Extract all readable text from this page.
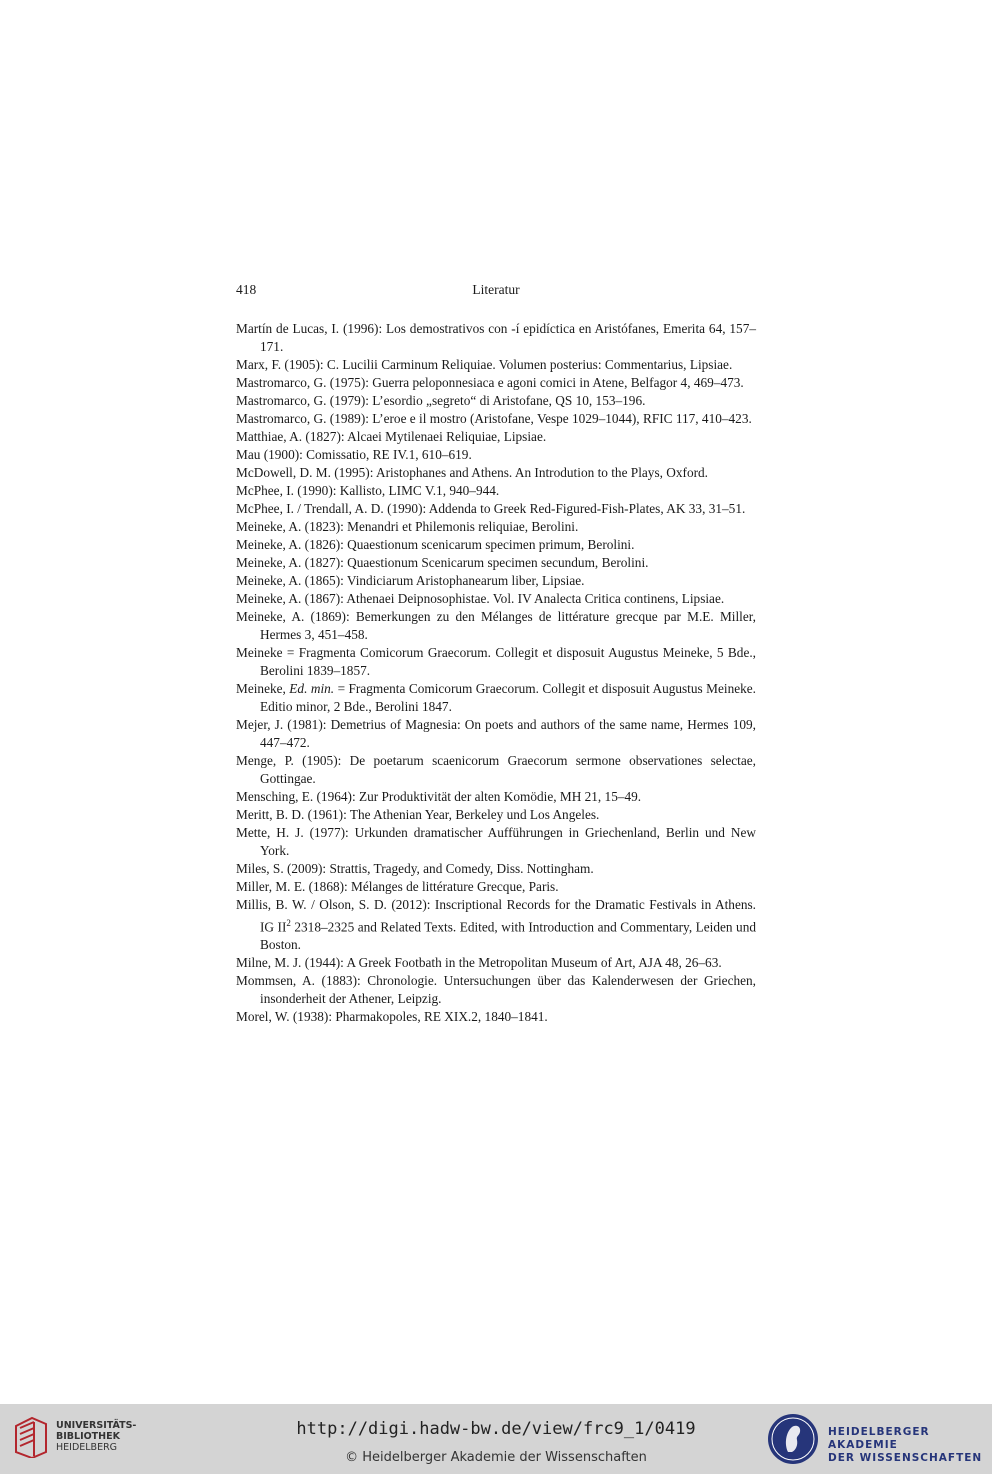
418	Literatur
Martín de Lucas, I. (1996): Los demostrativos con -í epidíctica en Aristófanes, Emerita 64, 157–171.
Marx, F. (1905): C. Lucilii Carminum Reliquiae. Volumen posterius: Commentarius, Lipsiae.
Mastromarco, G. (1975): Guerra peloponnesiaca e agoni comici in Atene, Belfagor 4, 469–473.
Mastromarco, G. (1979): L’esordio „segreto“ di Aristofane, QS 10, 153–196.
Mastromarco, G. (1989): L’eroe e il mostro (Aristofane, Vespe 1029–1044), RFIC 117, 410–423.
Matthiae, A. (1827): Alcaei Mytilenaei Reliquiae, Lipsiae.
Mau (1900): Comissatio, RE IV.1, 610–619.
McDowell, D. M. (1995): Aristophanes and Athens. An Introdution to the Plays, Oxford.
McPhee, I. (1990): Kallisto, LIMC V.1, 940–944.
McPhee, I. / Trendall, A. D. (1990): Addenda to Greek Red-Figured-Fish-Plates, AK 33, 31–51.
Meineke, A. (1823): Menandri et Philemonis reliquiae, Berolini.
Meineke, A. (1826): Quaestionum scenicarum specimen primum, Berolini.
Meineke, A. (1827): Quaestionum Scenicarum specimen secundum, Berolini.
Meineke, A. (1865): Vindiciarum Aristophanearum liber, Lipsiae.
Meineke, A. (1867): Athenaei Deipnosophistae. Vol. IV Analecta Critica continens, Lipsiae.
Meineke, A. (1869): Bemerkungen zu den Mélanges de littérature grecque par M.E. Miller, Hermes 3, 451–458.
Meineke = Fragmenta Comicorum Graecorum. Collegit et disposuit Augustus Meineke, 5 Bde., Berolini 1839–1857.
Meineke, Ed. min. = Fragmenta Comicorum Graecorum. Collegit et disposuit Augustus Meineke. Editio minor, 2 Bde., Berolini 1847.
Mejer, J. (1981): Demetrius of Magnesia: On poets and authors of the same name, Hermes 109, 447–472.
Menge, P. (1905): De poetarum scaenicorum Graecorum sermone observationes selectae, Gottingae.
Mensching, E. (1964): Zur Produktivität der alten Komödie, MH 21, 15–49.
Meritt, B. D. (1961): The Athenian Year, Berkeley und Los Angeles.
Mette, H. J. (1977): Urkunden dramatischer Aufführungen in Griechenland, Berlin und New York.
Miles, S. (2009): Strattis, Tragedy, and Comedy, Diss. Nottingham.
Miller, M. E. (1868): Mélanges de littérature Grecque, Paris.
Millis, B. W. / Olson, S. D. (2012): Inscriptional Records for the Dramatic Festivals in Athens. IG $II^2$ 2318–2325 and Related Texts. Edited, with Introduction and Commentary, Leiden und Boston.
Milne, M. J. (1944): A Greek Footbath in the Metropolitan Museum of Art, AJA 48, 26–63.
Mommsen, A. (1883): Chronologie. Untersuchungen über das Kalenderwesen der Griechen, insonderheit der Athener, Leipzig.
Morel, W. (1938): Pharmakopoles, RE XIX.2, 1840–1841.
UNIVERSITÄTS-
BIBLIOTHEK
HEIDELBERG
http://digi.hadw-bw.de/view/frc9_1/0419
© Heidelberger Akademie der Wissenschaften
HEIDELBERGER AKADEMIE
DER WISSENSCHAFTEN
